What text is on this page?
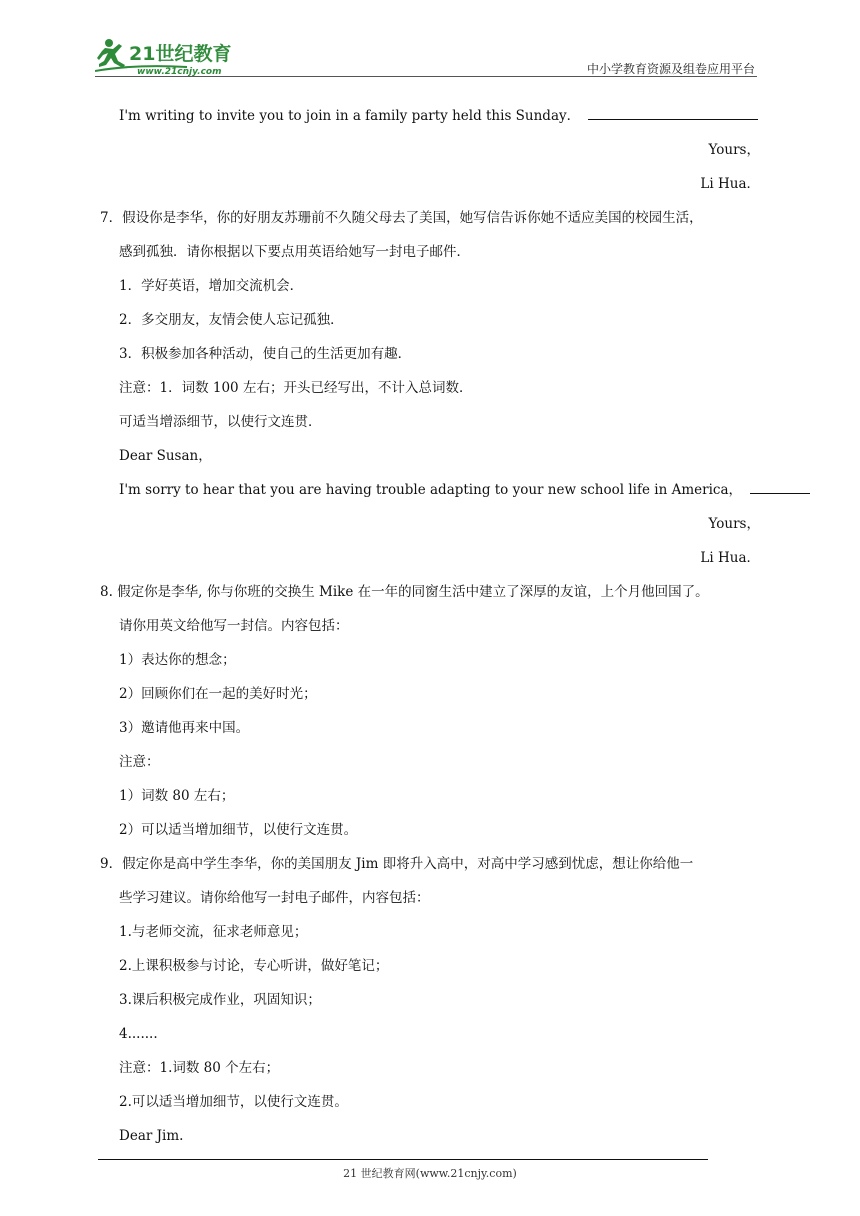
21世纪教育
www.21cnjy.com	中小学教育资源及组卷应用平台
I'm writing to invite you to join in a family party held this Sunday．
Yours，
Li Hua．
7．假设你是李华，你的好朋友苏珊前不久随父母去了美国，她写信告诉你她不适应美国的校园生活，
感到孤独．请你根据以下要点用英语给她写一封电子邮件．
1．学好英语，增加交流机会．
2．多交朋友，友情会使人忘记孤独．
3．积极参加各种活动，使自己的生活更加有趣．
注意：1．词数 100 左右；开头已经写出，不计入总词数．
可适当增添细节，以使行文连贯．
Dear Susan，
I'm sorry to hear that you are having trouble adapting to your new school life in America，
Yours，
Li Hua．
8. 假定你是李华, 你与你班的交换生 Mike 在一年的同窗生活中建立了深厚的友谊，上个月他回国了。
请你用英文给他写一封信。内容包括：
1）表达你的想念；
2）回顾你们在一起的美好时光；
3）邀请他再来中国。
注意：
1）词数 80 左右；
2）可以适当增加细节，以使行文连贯。
9．假定你是高中学生李华，你的美国朋友 Jim 即将升入高中，对高中学习感到忧虑，想让你给他一
些学习建议。请你给他写一封电子邮件，内容包括：
1.与老师交流，征求老师意见；
2.上课积极参与讨论，专心听讲，做好笔记；
3.课后积极完成作业，巩固知识；
4.......
注意：1.词数 80 个左右；
2.可以适当增加细节，以使行文连贯。
Dear Jim.
21 世纪教育网(www.21cnjy.com)
